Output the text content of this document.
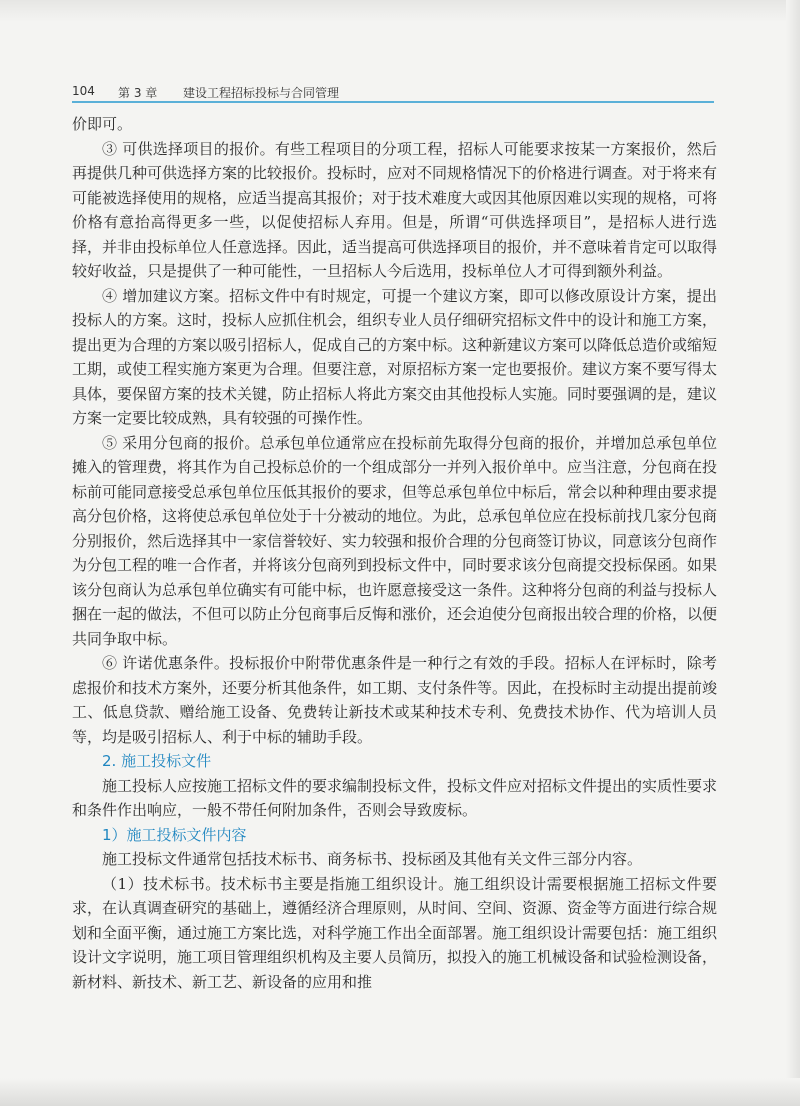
104 第 3 章 建设工程招标投标与合同管理

价即可。

③ 可供选择项目的报价。有些工程项目的分项工程，招标人可能要求按某一方案报价，然后再提供几种可供选择方案的比较报价。投标时，应对不同规格情况下的价格进行调查。对于将来有可能被选择使用的规格，应适当提高其报价；对于技术难度大或因其他原因难以实现的规格，可将价格有意抬高得更多一些，以促使招标人弃用。但是，所谓“可供选择项目”，是招标人进行选择，并非由投标单位人任意选择。因此，适当提高可供选择项目的报价，并不意味着肯定可以取得较好收益，只是提供了一种可能性，一旦招标人今后选用，投标单位人才可得到额外利益。

④ 增加建议方案。招标文件中有时规定，可提一个建议方案，即可以修改原设计方案，提出投标人的方案。这时，投标人应抓住机会，组织专业人员仔细研究招标文件中的设计和施工方案，提出更为合理的方案以吸引招标人，促成自己的方案中标。这种新建议方案可以降低总造价或缩短工期，或使工程实施方案更为合理。但要注意，对原招标方案一定也要报价。建议方案不要写得太具体，要保留方案的技术关键，防止招标人将此方案交由其他投标人实施。同时要强调的是，建议方案一定要比较成熟，具有较强的可操作性。

⑤ 采用分包商的报价。总承包单位通常应在投标前先取得分包商的报价，并增加总承包单位摊入的管理费，将其作为自己投标总价的一个组成部分一并列入报价单中。应当注意，分包商在投标前可能同意接受总承包单位压低其报价的要求，但等总承包单位中标后，常会以种种理由要求提高分包价格，这将使总承包单位处于十分被动的地位。为此，总承包单位应在投标前找几家分包商分别报价，然后选择其中一家信誉较好、实力较强和报价合理的分包商签订协议，同意该分包商作为分包工程的唯一合作者，并将该分包商列到投标文件中，同时要求该分包商提交投标保函。如果该分包商认为总承包单位确实有可能中标，也许愿意接受这一条件。这种将分包商的利益与投标人捆在一起的做法，不但可以防止分包商事后反悔和涨价，还会迫使分包商报出较合理的价格，以便共同争取中标。

⑥ 许诺优惠条件。投标报价中附带优惠条件是一种行之有效的手段。招标人在评标时，除考虑报价和技术方案外，还要分析其他条件，如工期、支付条件等。因此，在投标时主动提出提前竣工、低息贷款、赠给施工设备、免费转让新技术或某种技术专利、免费技术协作、代为培训人员等，均是吸引招标人、利于中标的辅助手段。

2. 施工投标文件

施工投标人应按施工招标文件的要求编制投标文件，投标文件应对招标文件提出的实质性要求和条件作出响应，一般不带任何附加条件，否则会导致废标。

1）施工投标文件内容

施工投标文件通常包括技术标书、商务标书、投标函及其他有关文件三部分内容。

（1）技术标书。技术标书主要是指施工组织设计。施工组织设计需要根据施工招标文件要求，在认真调查研究的基础上，遵循经济合理原则，从时间、空间、资源、资金等方面进行综合规划和全面平衡，通过施工方案比选，对科学施工作出全面部署。施工组织设计需要包括：施工组织设计文字说明，施工项目管理组织机构及主要人员简历，拟投入的施工机械设备和试验检测设备，新材料、新技术、新工艺、新设备的应用和推
